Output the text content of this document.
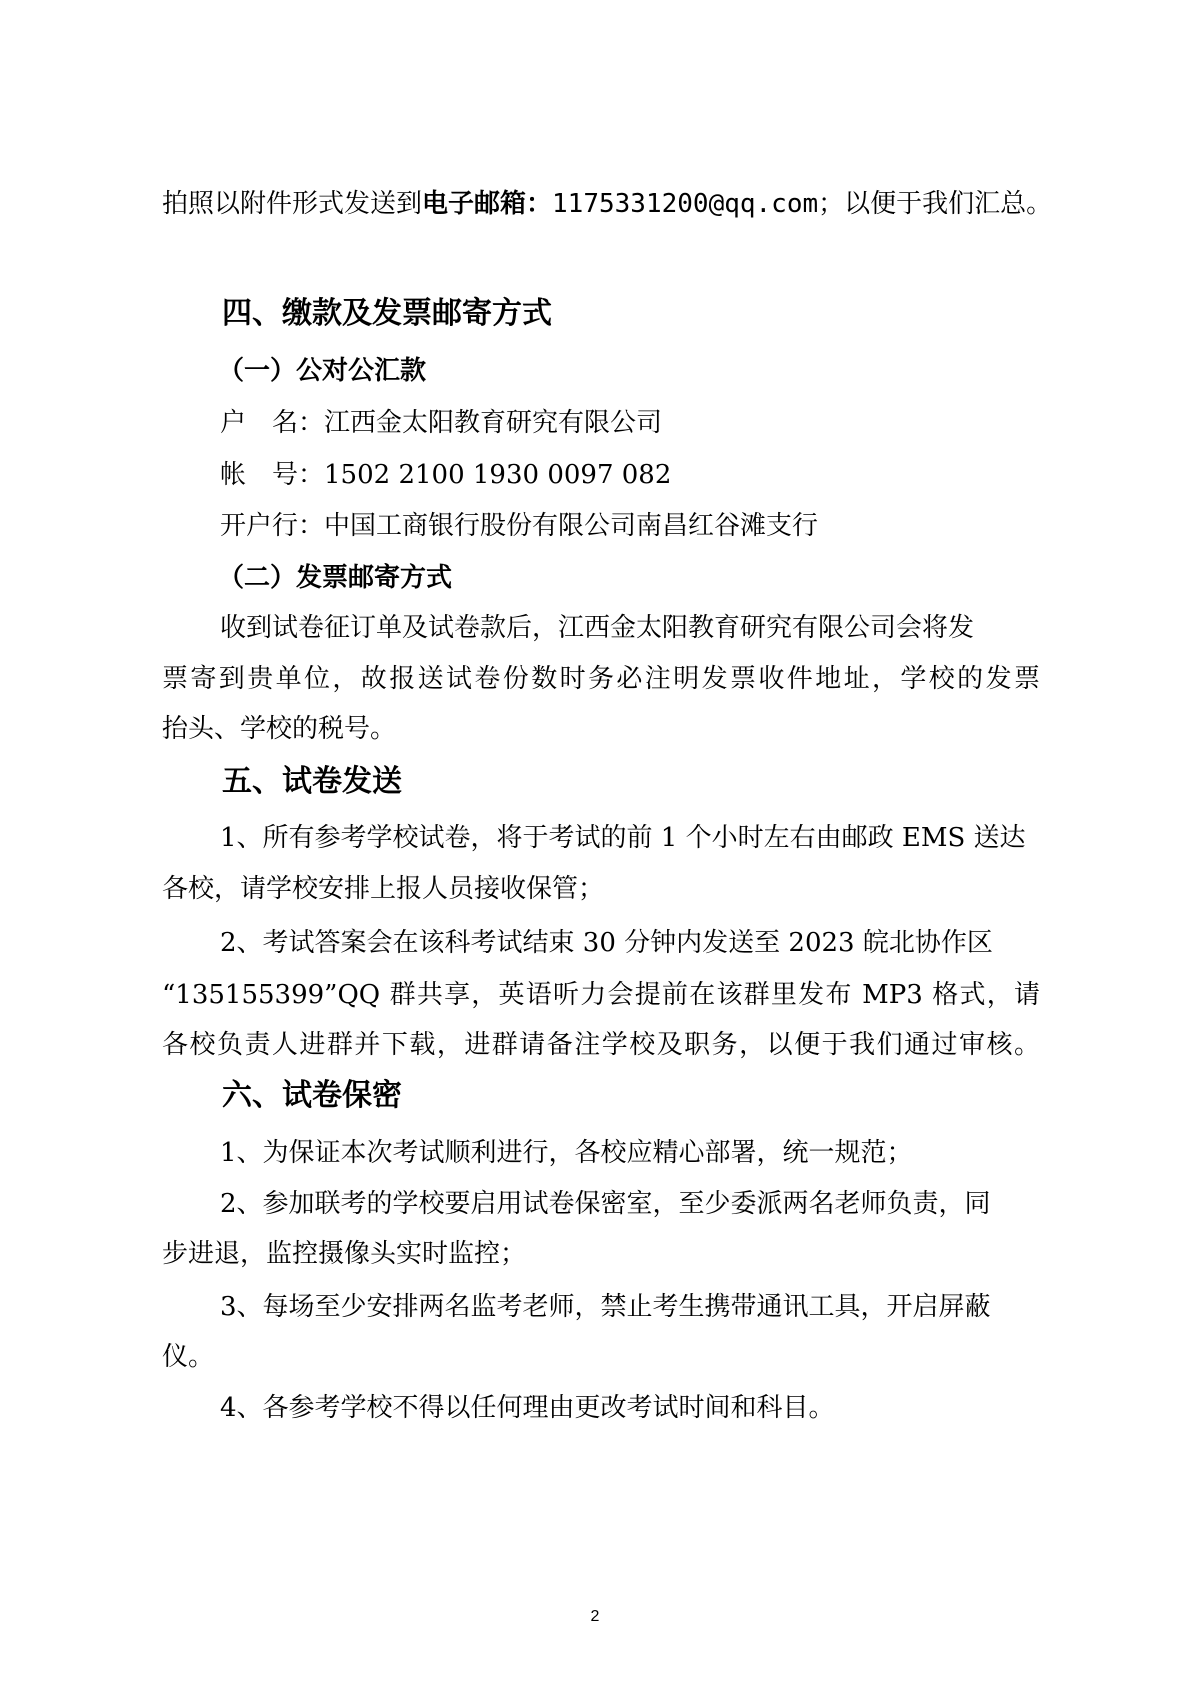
拍照以附件形式发送到电子邮箱：1175331200@qq.com；以便于我们汇总。
四、缴款及发票邮寄方式
（一）公对公汇款
户　名：江西金太阳教育研究有限公司
帐　号：1502 2100 1930 0097 082
开户行：中国工商银行股份有限公司南昌红谷滩支行
（二）发票邮寄方式
收到试卷征订单及试卷款后，江西金太阳教育研究有限公司会将发
票寄到贵单位，故报送试卷份数时务必注明发票收件地址，学校的发票
抬头、学校的税号。
五、试卷发送
1、所有参考学校试卷，将于考试的前 1 个小时左右由邮政 EMS 送达
各校，请学校安排上报人员接收保管；
2、考试答案会在该科考试结束 30 分钟内发送至 2023 皖北协作区
“135155399”QQ 群共享，英语听力会提前在该群里发布 MP3 格式，请
各校负责人进群并下载，进群请备注学校及职务，以便于我们通过审核。
六、试卷保密
1、为保证本次考试顺利进行，各校应精心部署，统一规范；
2、参加联考的学校要启用试卷保密室，至少委派两名老师负责，同
步进退，监控摄像头实时监控；
3、每场至少安排两名监考老师，禁止考生携带通讯工具，开启屏蔽
仪。
4、各参考学校不得以任何理由更改考试时间和科目。
2
